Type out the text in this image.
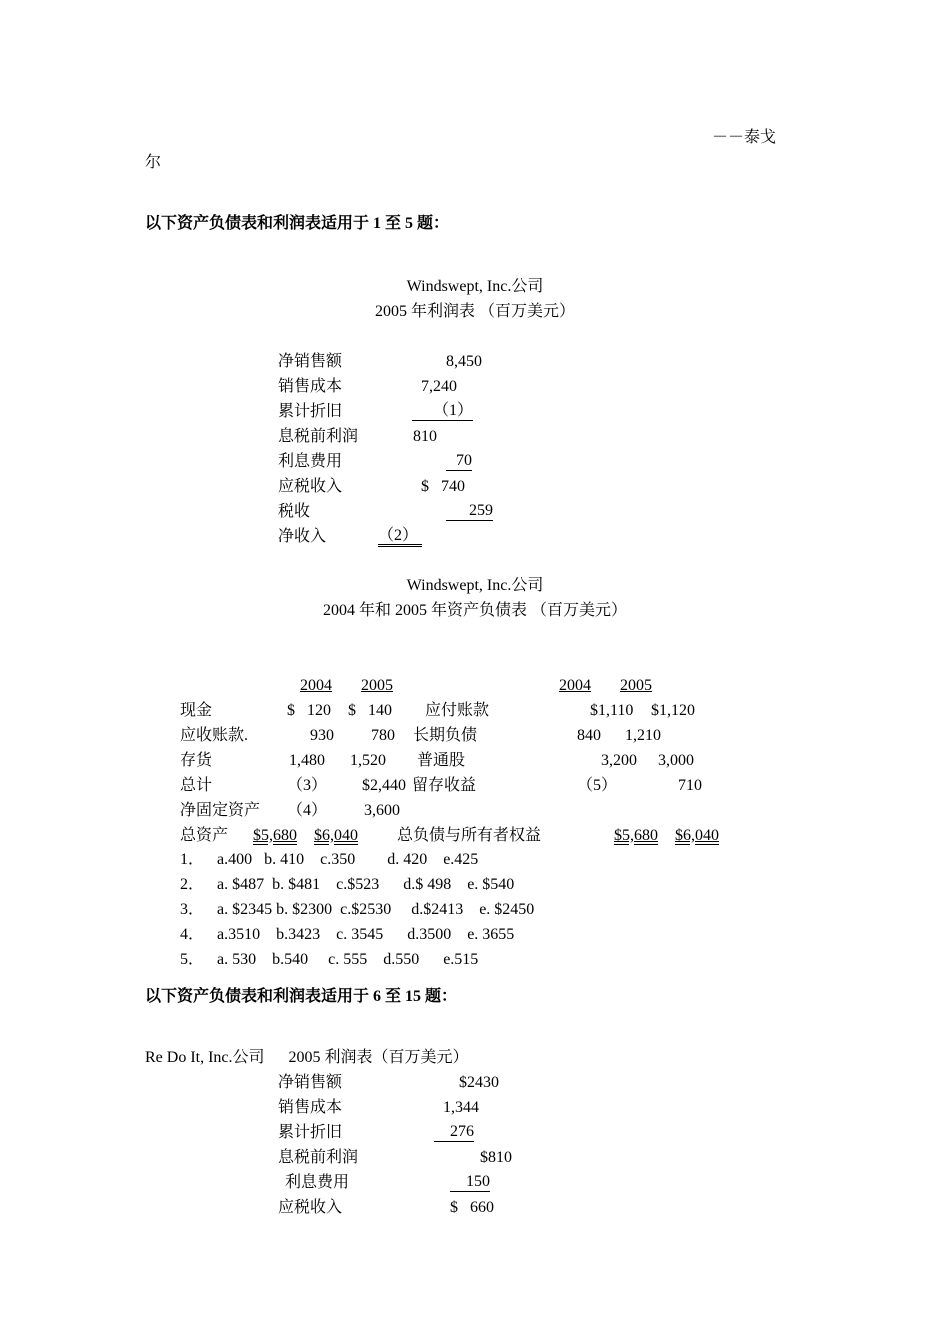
－－泰戈
尔
以下资产负债表和利润表适用于 1 至 5 题：
Windswept, Inc.公司
2005 年利润表 （百万美元）
净销售额	8,450
销售成本	7,240
累计折旧	（1）
息税前利润	810
利息费用	70
应税收入	$   740
税收	259
净收入	（2）
Windswept, Inc.公司
2004 年和 2005 年资产负债表 （百万美元）
2004 2005	2004 2005
现金	$   120 $   140 应付账款	$1,110 $1,120
应收账款.	930 780 长期负债	840 1,210
存货	1,480 1,520 普通股	3,200 3,000
总计	（3） $2,440 留存收益	（5）	710
净固定资产 （4） 3,600
总资产 $5,680 $6,040 总负债与所有者权益	$5,680 $6,040
1． a.400   b. 410    c.350        d. 420    e.425
2． a. $487  b. $481    c.$523      d.$ 498    e. $540
3． a. $2345 b. $2300  c.$2530     d.$2413    e. $2450
4． a.3510    b.3423    c. 3545      d.3500    e. 3655
5． a. 530    b.540     c. 555    d.550      e.515
以下资产负债表和利润表适用于 6 至 15 题：
Re Do It, Inc.公司      2005 利润表（百万美元）
净销售额	$2430
销售成本	1,344
累计折旧	276
息税前利润	$810
利息费用	150
应税收入	$   660
